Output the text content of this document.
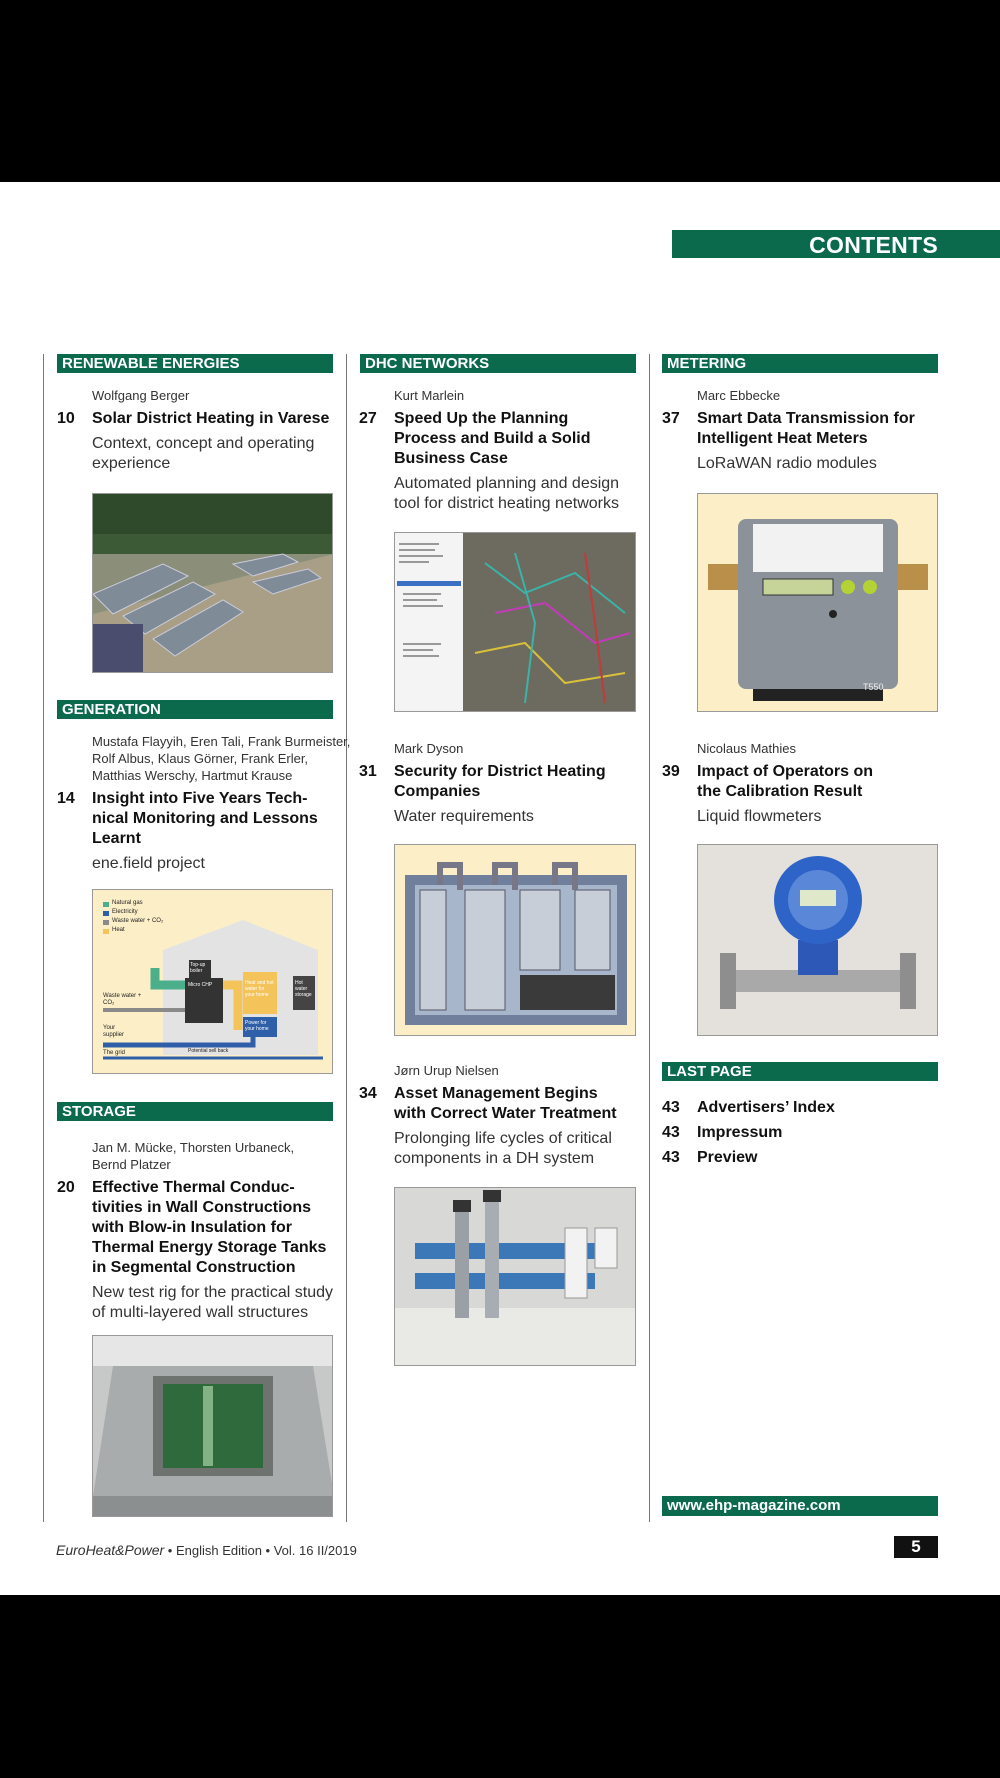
CONTENTS
RENEWABLE ENERGIES
Wolfgang Berger
10 Solar District Heating in Varese
Context, concept and operating
experience
GENERATION
Mustafa Flayyih, Eren Tali, Frank Burmeister,
Rolf Albus, Klaus Görner, Frank Erler,
Matthias Werschy, Hartmut Krause
14 Insight into Five Years Tech-
nical Monitoring and Lessons
Learnt
ene.field project
Natural gas
Electricity
Waste water + CO₂
Heat
Top-up boiler
Micro CHP	Heat and hot water for your home
Hot water storage
Waste water + CO₂
Your supplier
Power for your home
The grid	Potential sell back
STORAGE
Jan M. Mücke, Thorsten Urbaneck,
Bernd Platzer
20 Effective Thermal Conduc-
tivities in Wall Constructions
with Blow-in Insulation for
Thermal Energy Storage Tanks
in Segmental Construction
New test rig for the practical study
of multi-layered wall structures
DHC NETWORKS
Kurt Marlein
27 Speed Up the Planning
Process and Build a Solid
Business Case
Automated planning and design
tool for district heating networks
Mark Dyson
31 Security for District Heating
Companies
Water requirements
Jørn Urup Nielsen
34 Asset Management Begins
with Correct Water Treatment
Prolonging life cycles of critical
components in a DH system
METERING
Marc Ebbecke
37 Smart Data Transmission for
Intelligent Heat Meters
LoRaWAN radio modules
T550
Nicolaus Mathies
39 Impact of Operators on
the Calibration Result
Liquid flowmeters
LAST PAGE
43 Advertisers’ Index
43 Impressum
43 Preview
www.ehp-magazine.com
EuroHeat&Power • English Edition • Vol. 16 II/2019	5
